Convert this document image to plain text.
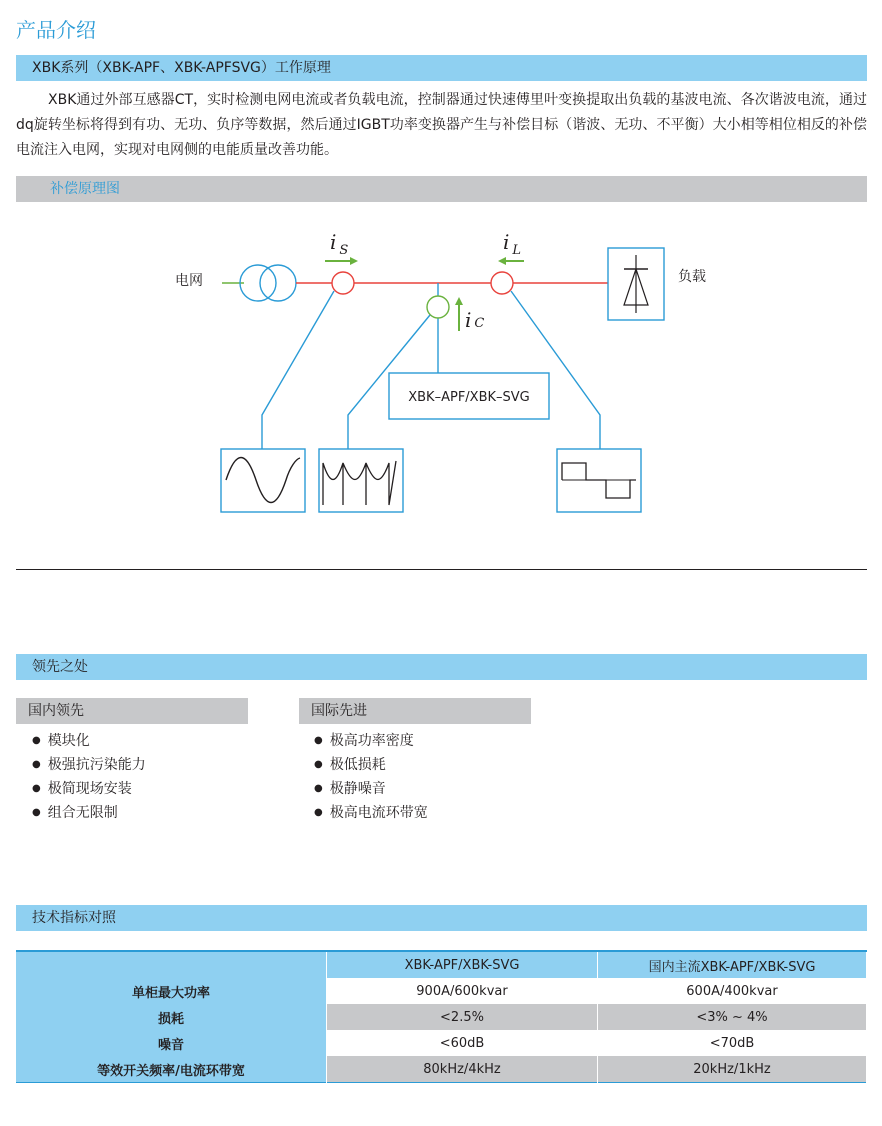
产品介绍
XBK系列（XBK-APF、XBK-APFSVG）工作原理
XBK通过外部互感器CT，实时检测电网电流或者负载电流，控制器通过快速傅里叶变换提取出负载的基波电流、各次谐波电流，通过dq旋转坐标将得到有功、无功、负序等数据，然后通过IGBT功率变换器产生与补偿目标（谐波、无功、不平衡）大小相等相位相反的补偿电流注入电网，实现对电网侧的电能质量改善功能。
补偿原理图
i $_S$	i $_L$
i C
电网	负载
XBK–APF/XBK–SVG
领先之处
国内领先
● 模块化
● 极强抗污染能力
● 极简现场安装
● 组合无限制
国际先进
● 极高功率密度
● 极低损耗
● 极静噪音
● 极高电流环带宽
技术指标对照
	XBK-APF/XBK-SVG	国内主流XBK-APF/XBK-SVG
单柜最大功率	900A/600kvar	600A/400kvar
损耗	<2.5%	<3% ~ 4%
噪音	<60dB	<70dB
等效开关频率/电流环带宽	80kHz/4kHz	20kHz/1kHz
